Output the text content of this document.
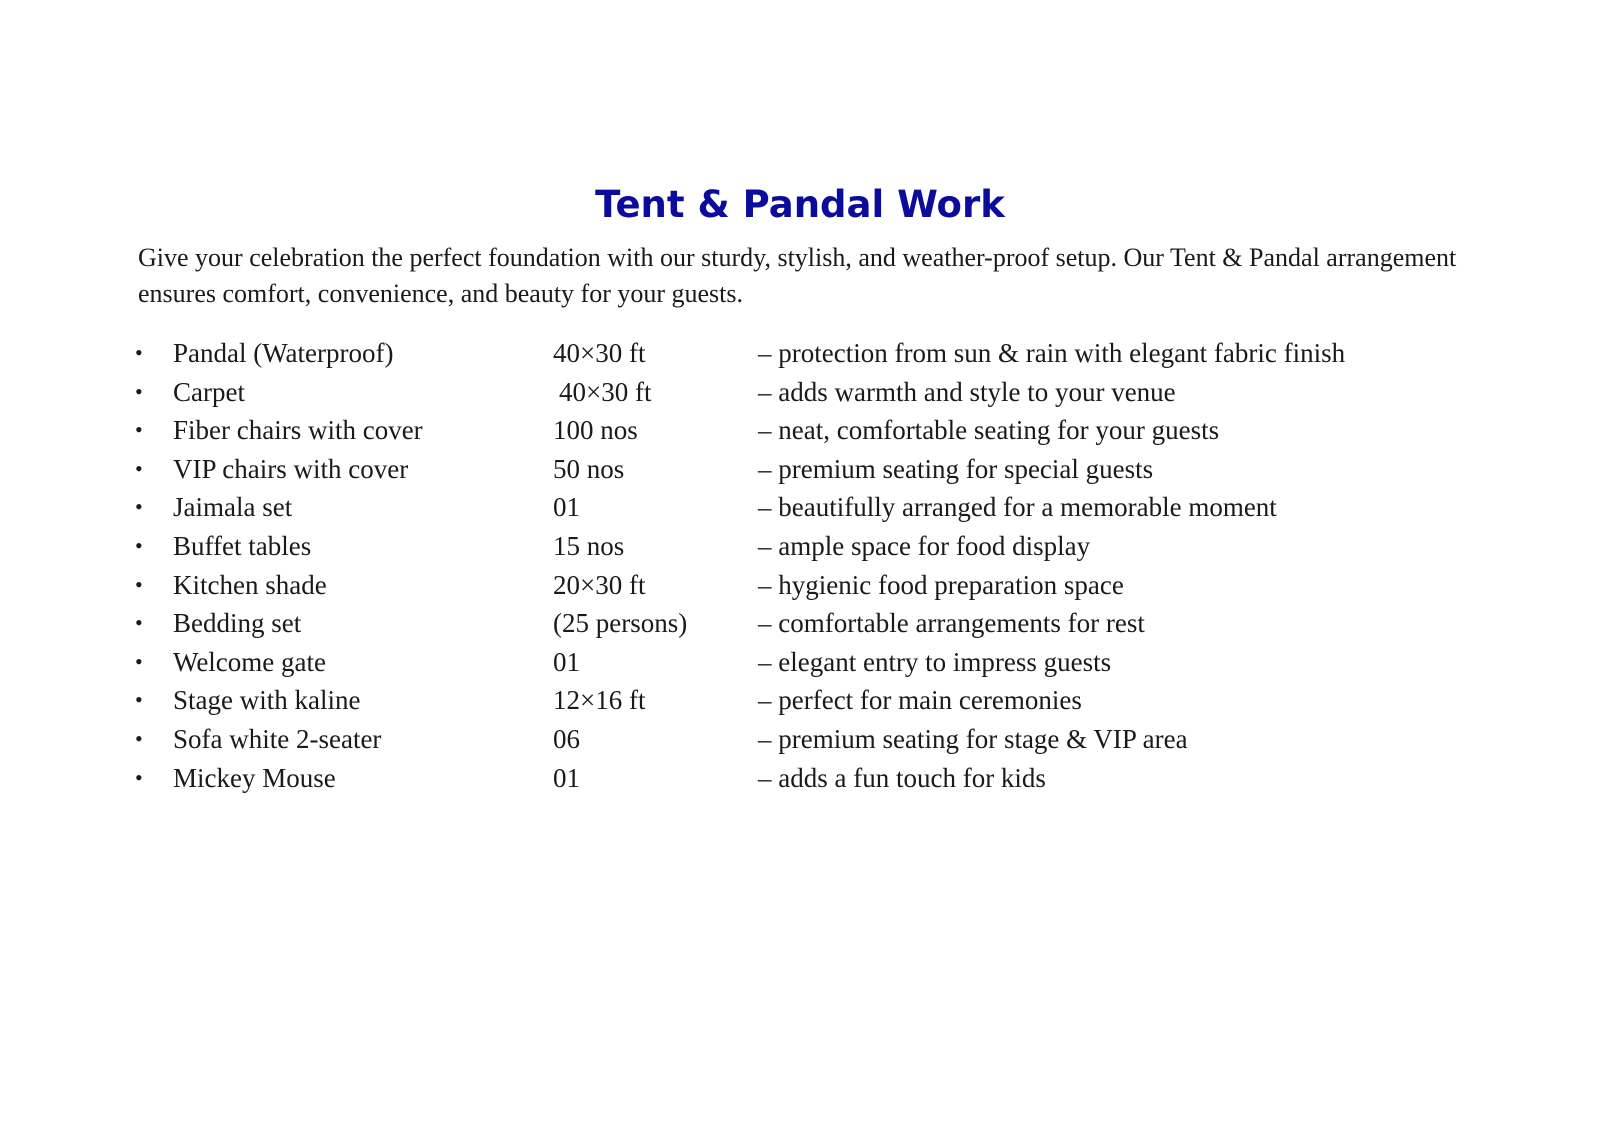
Tent & Pandal Work

Give your celebration the perfect foundation with our sturdy, stylish, and weather-proof setup. Our Tent & Pandal arrangement ensures comfort, convenience, and beauty for your guests.

•	Pandal (Waterproof)	40×30 ft	– protection from sun & rain with elegant fabric finish
•	Carpet	40×30 ft	– adds warmth and style to your venue
•	Fiber chairs with cover	100 nos	– neat, comfortable seating for your guests
•	VIP chairs with cover	50 nos	– premium seating for special guests
•	Jaimala set	01	– beautifully arranged for a memorable moment
•	Buffet tables	15 nos	– ample space for food display
•	Kitchen shade	20×30 ft	– hygienic food preparation space
•	Bedding set	(25 persons)	– comfortable arrangements for rest
•	Welcome gate	01	– elegant entry to impress guests
•	Stage with kaline	12×16 ft	– perfect for main ceremonies
•	Sofa white 2-seater	06	– premium seating for stage & VIP area
•	Mickey Mouse	01	– adds a fun touch for kids
